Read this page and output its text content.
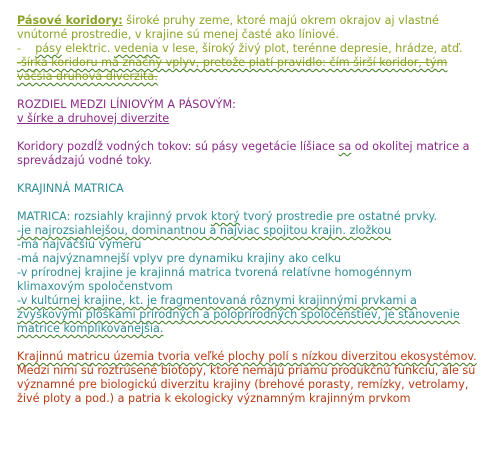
Pásové koridory: široké pruhy zeme, ktoré majú okrem okrajov aj vlastné vnútorné prostredie, v krajine sú menej časté ako líniové.

- pásy elektric. vedenia v lese, široký živý plot, terénne depresie, hrádze, atď.

-šírka koridoru má značný vplyv, pretože platí pravidlo: čím širší koridor, tým väčšia druhová diverzita.

ROZDIEL MEDZI LÍNIOVÝM A PÁSOVÝM:

v šírke a druhovej diverzite

Koridory pozdĺž vodných tokov: sú pásy vegetácie líšiace sa od okolitej matrice a sprevádzajú vodné toky.

KRAJINNÁ MATRICA

MATRICA: rozsiahly krajinný prvok ktorý tvorý prostredie pre ostatné prvky.

-je najrozsiahlejšou, dominantnou a najviac spojitou krajin. zložkou

-má najväčšiu výmeru

-má najvýznamnejší vplyv pre dynamiku krajiny ako celku

-v prírodnej krajine je krajinná matrica tvorená relatívne homogénnym klimaxovým spoločenstvom

-v kultúrnej krajine, kt. je fragmentovaná rôznymi krajinnými prvkami a zvyškovými plôškami prírodných a poloprírodných spoločenstiev, je stanovenie matrice komplikovanejšia.

Krajinnú matricu územia tvoria veľké plochy polí s nízkou diverzitou ekosystémov. Medzi nimi sú roztrúsené biotopy, ktoré nemajú priamu produkčnú funkciu, ale sú významné pre biologickú diverzitu krajiny (brehové porasty, remízky, vetrolamy, živé ploty a pod.) a patria k ekologicky významným krajinným prvkom
